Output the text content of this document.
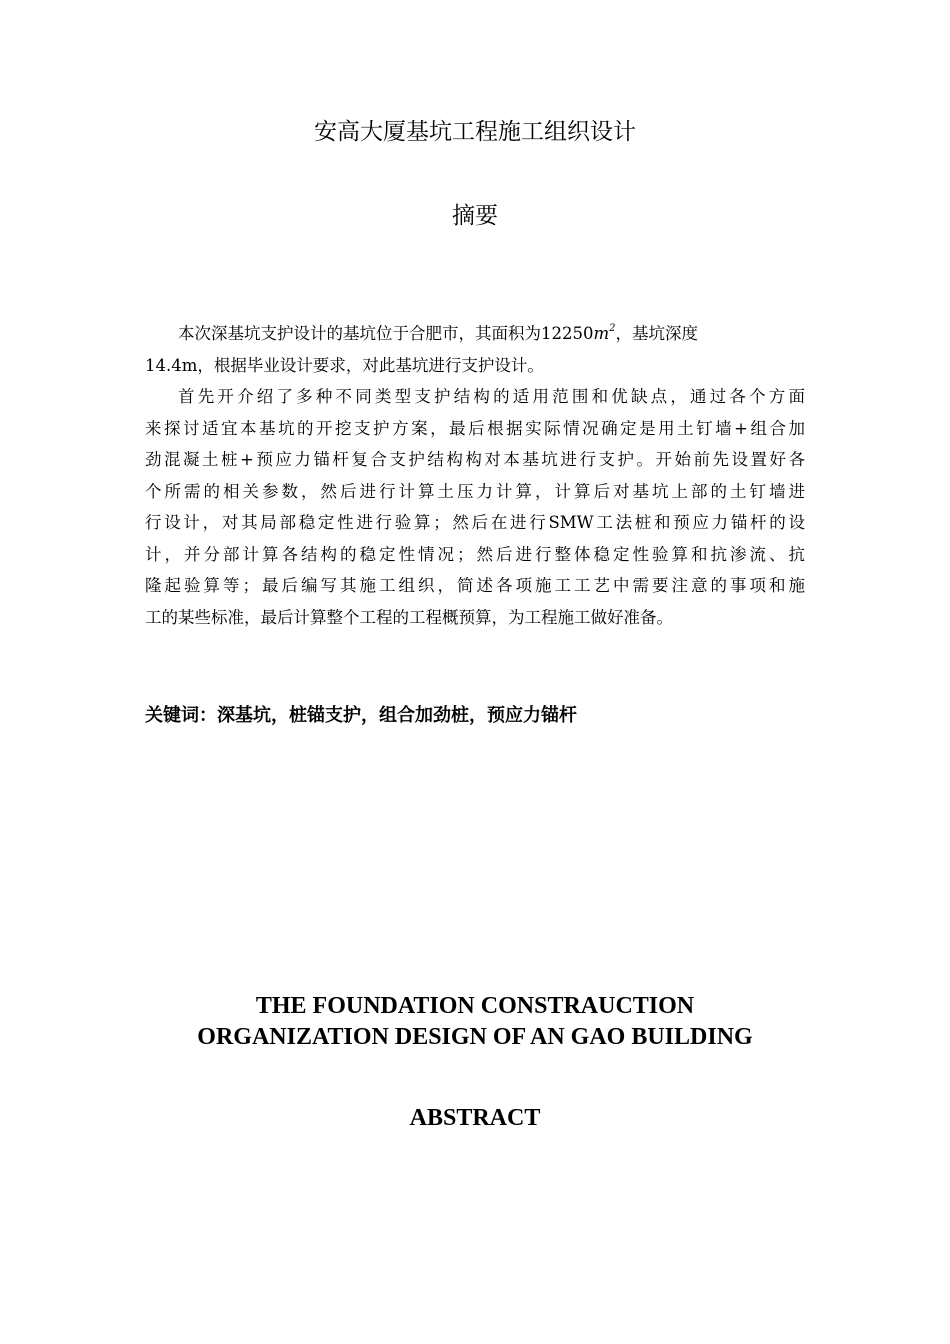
安高大厦基坑工程施工组织设计
摘要
本次深基坑支护设计的基坑位于合肥市，其面积为$12250m^2$，基坑深度
14.4m，根据毕业设计要求，对此基坑进行支护设计。
首先开介绍了多种不同类型支护结构的适用范围和优缺点，通过各个方面
来探讨适宜本基坑的开挖支护方案，最后根据实际情况确定是用土钉墙+组合加
劲混凝土桩+预应力锚杆复合支护结构构对本基坑进行支护。开始前先设置好各
个所需的相关参数，然后进行计算土压力计算，计算后对基坑上部的土钉墙进
行设计，对其局部稳定性进行验算；然后在进行SMW工法桩和预应力锚杆的设
计，并分部计算各结构的稳定性情况；然后进行整体稳定性验算和抗渗流、抗
隆起验算等；最后编写其施工组织，简述各项施工工艺中需要注意的事项和施
工的某些标准，最后计算整个工程的工程概预算，为工程施工做好准备。
关键词：深基坑，桩锚支护，组合加劲桩，预应力锚杆
THE FOUNDATION CONSTRAUCTION
ORGANIZATION DESIGN OF AN GAO BUILDING
ABSTRACT
